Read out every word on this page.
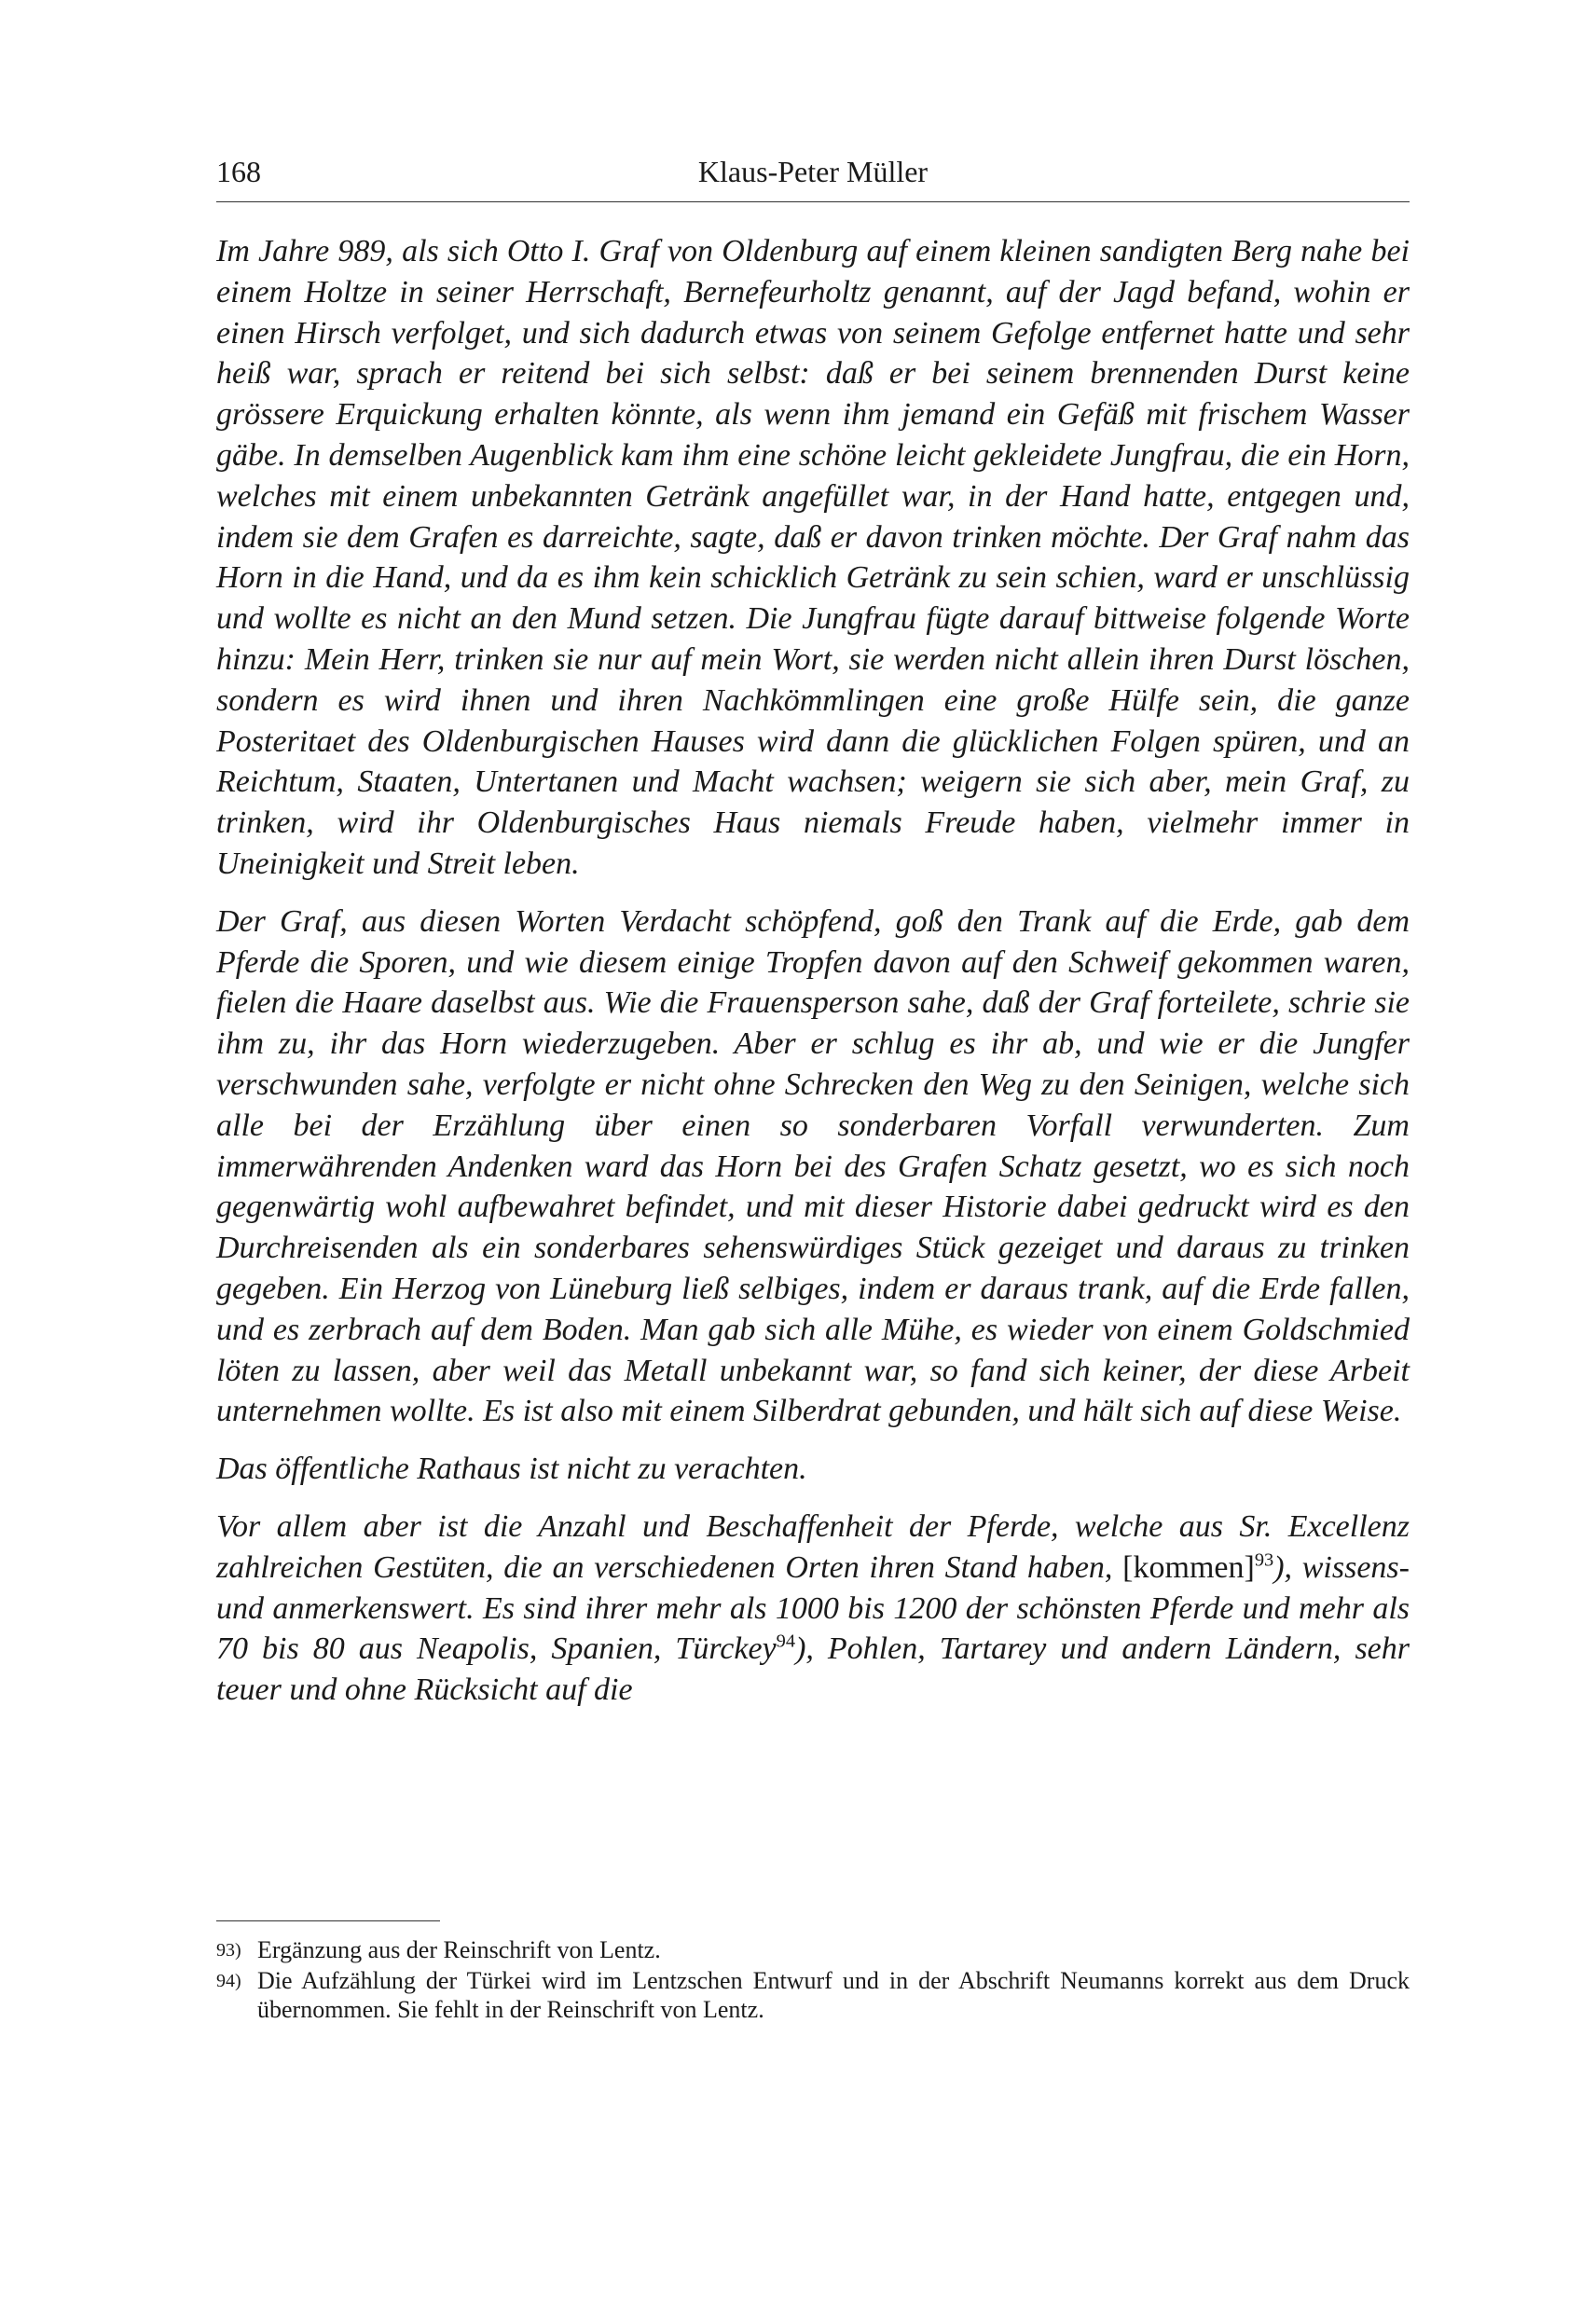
168	Klaus-Peter Müller

Im Jahre 989, als sich Otto I. Graf von Oldenburg auf einem kleinen sandigten Berg nahe bei einem Holtze in seiner Herrschaft, Bernefeurholtz genannt, auf der Jagd befand, wohin er einen Hirsch verfolget, und sich dadurch etwas von seinem Gefolge entfernet hatte und sehr heiß war, sprach er reitend bei sich selbst: daß er bei seinem brennenden Durst keine grössere Erquickung erhalten könnte, als wenn ihm jemand ein Gefäß mit frischem Wasser gäbe. In demselben Augenblick kam ihm eine schöne leicht gekleidete Jungfrau, die ein Horn, welches mit einem unbekannten Getränk angefüllet war, in der Hand hatte, entgegen und, indem sie dem Grafen es darreichte, sagte, daß er davon trinken möchte. Der Graf nahm das Horn in die Hand, und da es ihm kein schicklich Getränk zu sein schien, ward er unschlüssig und wollte es nicht an den Mund setzen. Die Jungfrau fügte darauf bittweise folgende Worte hinzu: Mein Herr, trinken sie nur auf mein Wort, sie werden nicht allein ihren Durst löschen, sondern es wird ihnen und ihren Nachkömmlingen eine große Hülfe sein, die ganze Posteritaet des Oldenburgischen Hauses wird dann die glücklichen Folgen spüren, und an Reichtum, Staaten, Untertanen und Macht wachsen; weigern sie sich aber, mein Graf, zu trinken, wird ihr Oldenburgisches Haus niemals Freude haben, vielmehr immer in Uneinigkeit und Streit leben.

Der Graf, aus diesen Worten Verdacht schöpfend, goß den Trank auf die Erde, gab dem Pferde die Sporen, und wie diesem einige Tropfen davon auf den Schweif gekommen waren, fielen die Haare daselbst aus. Wie die Frauensperson sahe, daß der Graf forteilete, schrie sie ihm zu, ihr das Horn wiederzugeben. Aber er schlug es ihr ab, und wie er die Jungfer verschwunden sahe, verfolgte er nicht ohne Schrecken den Weg zu den Seinigen, welche sich alle bei der Erzählung über einen so sonderbaren Vorfall verwunderten. Zum immerwährenden Andenken ward das Horn bei des Grafen Schatz gesetzt, wo es sich noch gegenwärtig wohl aufbewahret befindet, und mit dieser Historie dabei gedruckt wird es den Durchreisenden als ein sonderbares sehenswürdiges Stück gezeiget und daraus zu trinken gegeben. Ein Herzog von Lüneburg ließ selbiges, indem er daraus trank, auf die Erde fallen, und es zerbrach auf dem Boden. Man gab sich alle Mühe, es wieder von einem Goldschmied löten zu lassen, aber weil das Metall unbekannt war, so fand sich keiner, der diese Arbeit unternehmen wollte. Es ist also mit einem Silberdrat gebunden, und hält sich auf diese Weise.

Das öffentliche Rathaus ist nicht zu verachten.

Vor allem aber ist die Anzahl und Beschaffenheit der Pferde, welche aus Sr. Excellenz zahlreichen Gestüten, die an verschiedenen Orten ihren Stand haben, [kommen]$^{93}$), wissens- und anmerkenswert. Es sind ihrer mehr als 1000 bis 1200 der schönsten Pferde und mehr als 70 bis 80 aus Neapolis, Spanien, Türckey$^{94}$), Pohlen, Tartarey und andern Ländern, sehr teuer und ohne Rücksicht auf die

93) Ergänzung aus der Reinschrift von Lentz.
94) Die Aufzählung der Türkei wird im Lentzschen Entwurf und in der Abschrift Neumanns korrekt aus dem Druck übernommen. Sie fehlt in der Reinschrift von Lentz.
